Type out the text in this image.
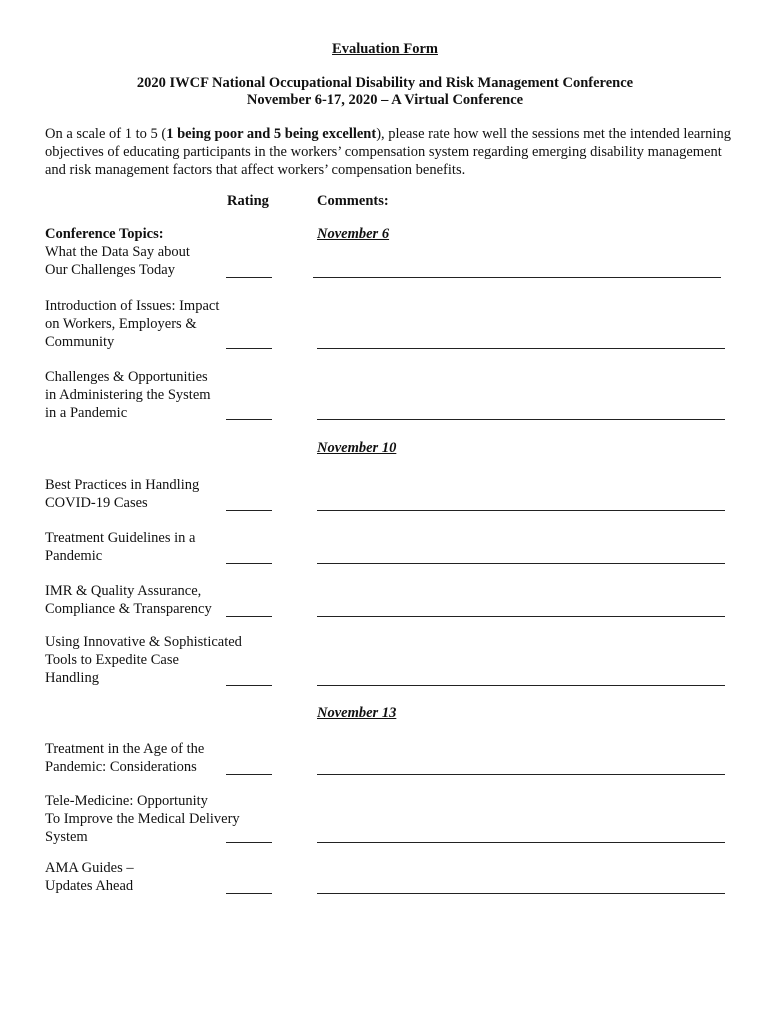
Evaluation Form
2020 IWCF National Occupational Disability and Risk Management Conference
November 6-17, 2020 – A Virtual Conference
On a scale of 1 to 5 (1 being poor and 5 being excellent), please rate how well the sessions met the intended learning objectives of educating participants in the workers’ compensation system regarding emerging disability management and risk management factors that affect workers’ compensation benefits.
Rating	Comments:
Conference Topics:	November 6
November 10
November 13
What the Data Say about
Our Challenges Today
Introduction of Issues: Impact
on Workers, Employers &
Community
Challenges & Opportunities
in Administering the System
in a Pandemic
Best Practices in Handling
COVID-19 Cases
Treatment Guidelines in a
Pandemic
IMR & Quality Assurance,
Compliance & Transparency
Using Innovative & Sophisticated
Tools to Expedite Case
Handling
Treatment in the Age of the
Pandemic: Considerations
Tele-Medicine: Opportunity
To Improve the Medical Delivery
System
AMA Guides –
Updates Ahead
